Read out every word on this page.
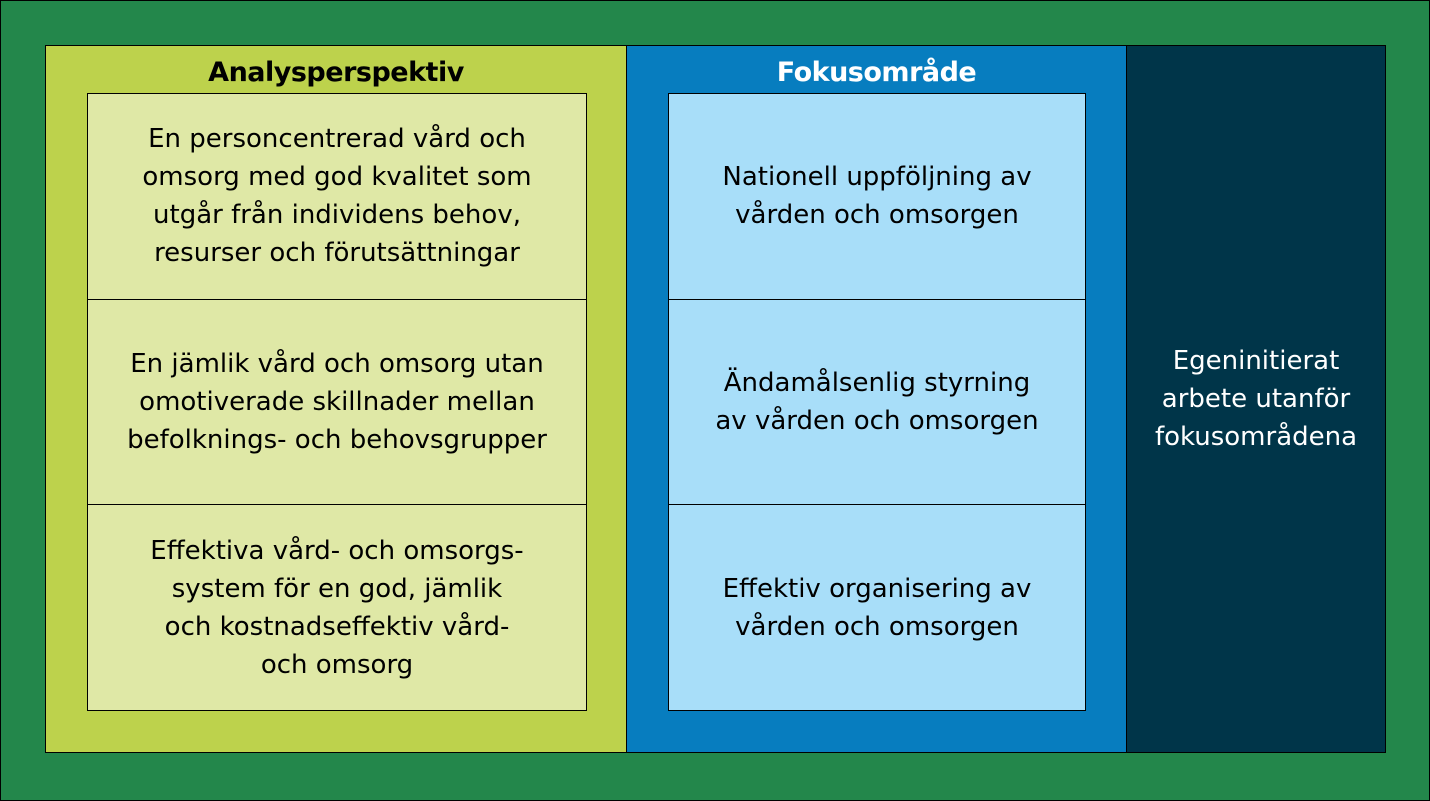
Analysperspektiv
En personcentrerad vård och
omsorg med god kvalitet som
utgår från individens behov,
resurser och förutsättningar
En jämlik vård och omsorg utan
omotiverade skillnader mellan
befolknings- och behovsgrupper
Effektiva vård- och omsorgs-
system för en god, jämlik
och kostnadseffektiv vård-
och omsorg
Fokusområde
Nationell uppföljning av
vården och omsorgen
Ändamålsenlig styrning
av vården och omsorgen
Effektiv organisering av
vården och omsorgen
Egeninitierat
arbete utanför
fokusområdena
